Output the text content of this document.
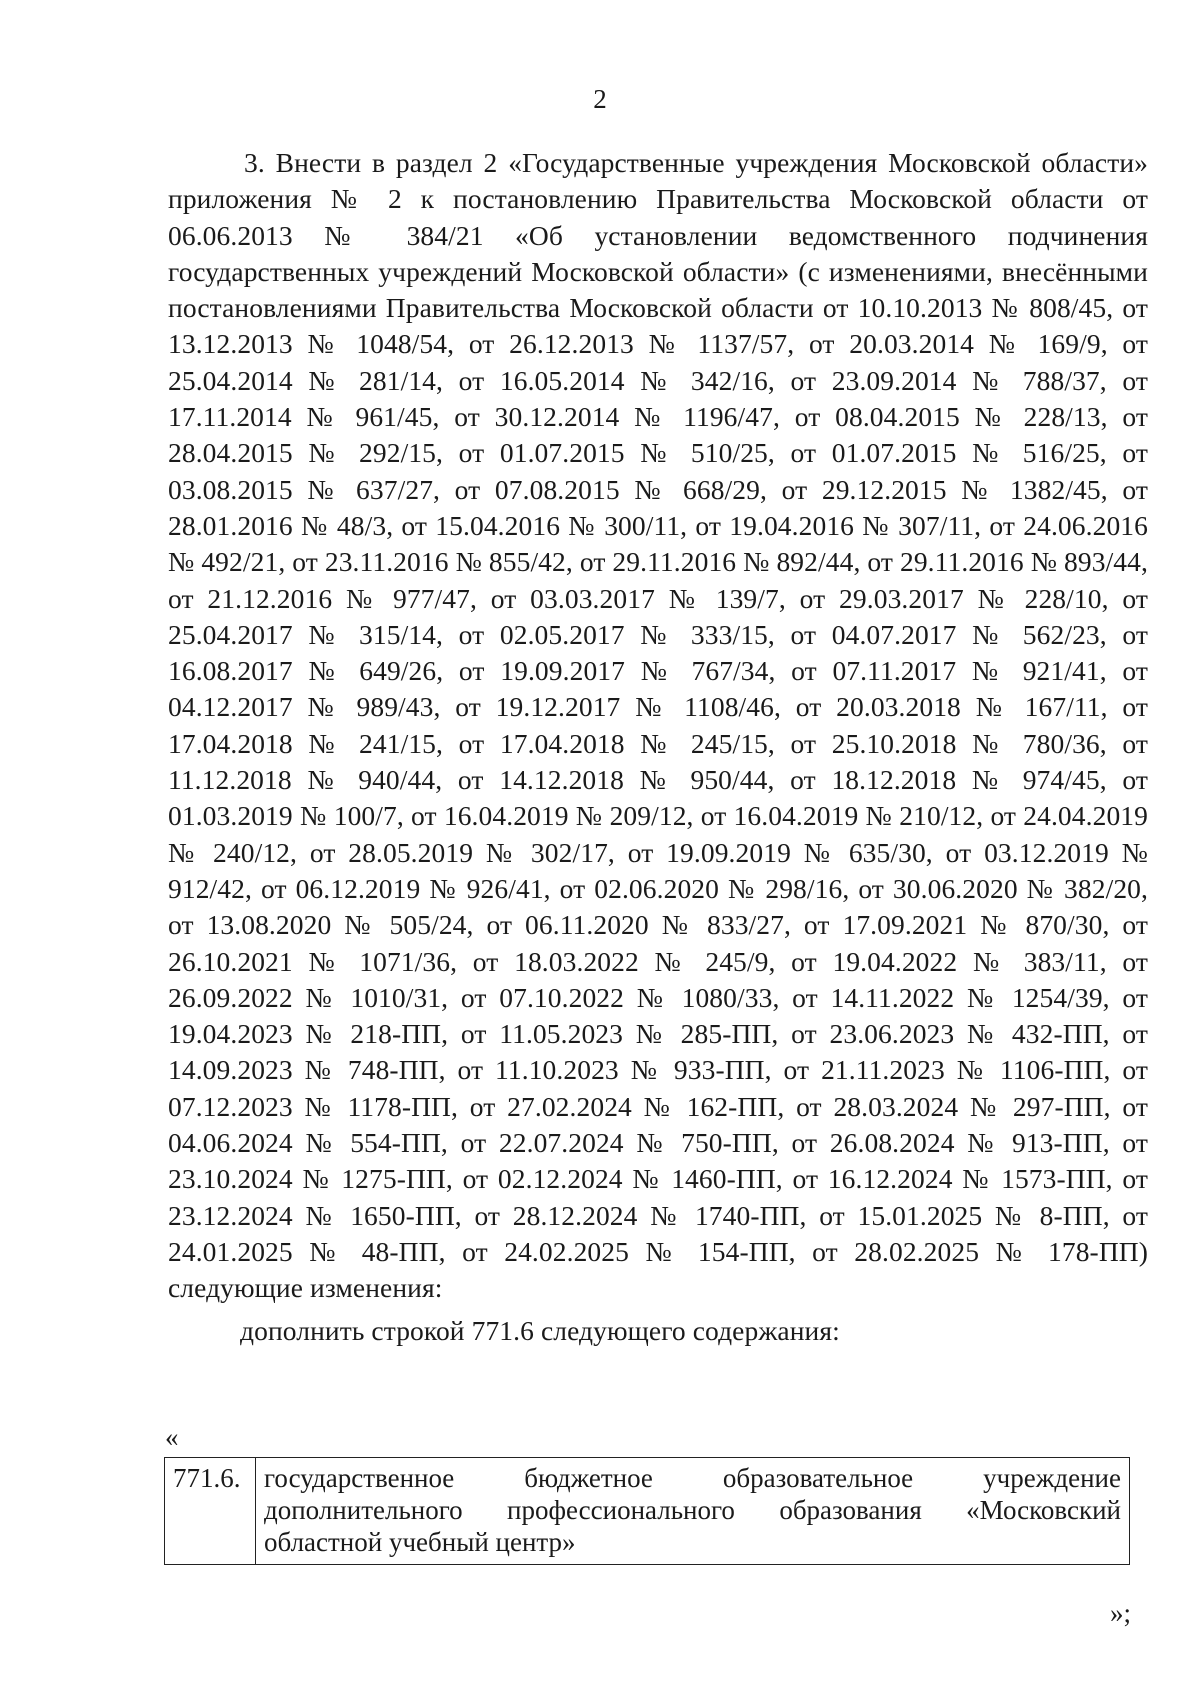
2

3. Внести в раздел 2 «Государственные учреждения Московской области» приложения № 2 к постановлению Правительства Московской области от 06.06.2013 № 384/21 «Об установлении ведомственного подчинения государственных учреждений Московской области» (с изменениями, внесёнными постановлениями Правительства Московской области от 10.10.2013 № 808/45, от 13.12.2013 № 1048/54, от 26.12.2013 № 1137/57, от 20.03.2014 № 169/9, от 25.04.2014 № 281/14, от 16.05.2014 № 342/16, от 23.09.2014 № 788/37, от 17.11.2014 № 961/45, от 30.12.2014 № 1196/47, от 08.04.2015 № 228/13, от 28.04.2015 № 292/15, от 01.07.2015 № 510/25, от 01.07.2015 № 516/25, от 03.08.2015 № 637/27, от 07.08.2015 № 668/29, от 29.12.2015 № 1382/45, от 28.01.2016 № 48/3, от 15.04.2016 № 300/11, от 19.04.2016 № 307/11, от 24.06.2016 № 492/21, от 23.11.2016 № 855/42, от 29.11.2016 № 892/44, от 29.11.2016 № 893/44, от 21.12.2016 № 977/47, от 03.03.2017 № 139/7, от 29.03.2017 № 228/10, от 25.04.2017 № 315/14, от 02.05.2017 № 333/15, от 04.07.2017 № 562/23, от 16.08.2017 № 649/26, от 19.09.2017 № 767/34, от 07.11.2017 № 921/41, от 04.12.2017 № 989/43, от 19.12.2017 № 1108/46, от 20.03.2018 № 167/11, от 17.04.2018 № 241/15, от 17.04.2018 № 245/15, от 25.10.2018 № 780/36, от 11.12.2018 № 940/44, от 14.12.2018 № 950/44, от 18.12.2018 № 974/45, от 01.03.2019 № 100/7, от 16.04.2019 № 209/12, от 16.04.2019 № 210/12, от 24.04.2019 № 240/12, от 28.05.2019 № 302/17, от 19.09.2019 № 635/30, от 03.12.2019 № 912/42, от 06.12.2019 № 926/41, от 02.06.2020 № 298/16, от 30.06.2020 № 382/20, от 13.08.2020 № 505/24, от 06.11.2020 № 833/27, от 17.09.2021 № 870/30, от 26.10.2021 № 1071/36, от 18.03.2022 № 245/9, от 19.04.2022 № 383/11, от 26.09.2022 № 1010/31, от 07.10.2022 № 1080/33, от 14.11.2022 № 1254/39, от 19.04.2023 № 218-ПП, от 11.05.2023 № 285-ПП, от 23.06.2023 № 432-ПП, от 14.09.2023 № 748-ПП, от 11.10.2023 № 933-ПП, от 21.11.2023 № 1106-ПП, от 07.12.2023 № 1178-ПП, от 27.02.2024 № 162-ПП, от 28.03.2024 № 297-ПП, от 04.06.2024 № 554-ПП, от 22.07.2024 № 750-ПП, от 26.08.2024 № 913-ПП, от 23.10.2024 № 1275-ПП, от 02.12.2024 № 1460-ПП, от 16.12.2024 № 1573-ПП, от 23.12.2024 № 1650-ПП, от 28.12.2024 № 1740-ПП, от 15.01.2025 № 8-ПП, от 24.01.2025 № 48-ПП, от 24.02.2025 № 154-ПП, от 28.02.2025 № 178-ПП) следующие изменения:

дополнить строкой 771.6 следующего содержания:

«
771.6.	государственное бюджетное образовательное учреждение дополнительного профессионального образования «Московский областной учебный центр»
»;
